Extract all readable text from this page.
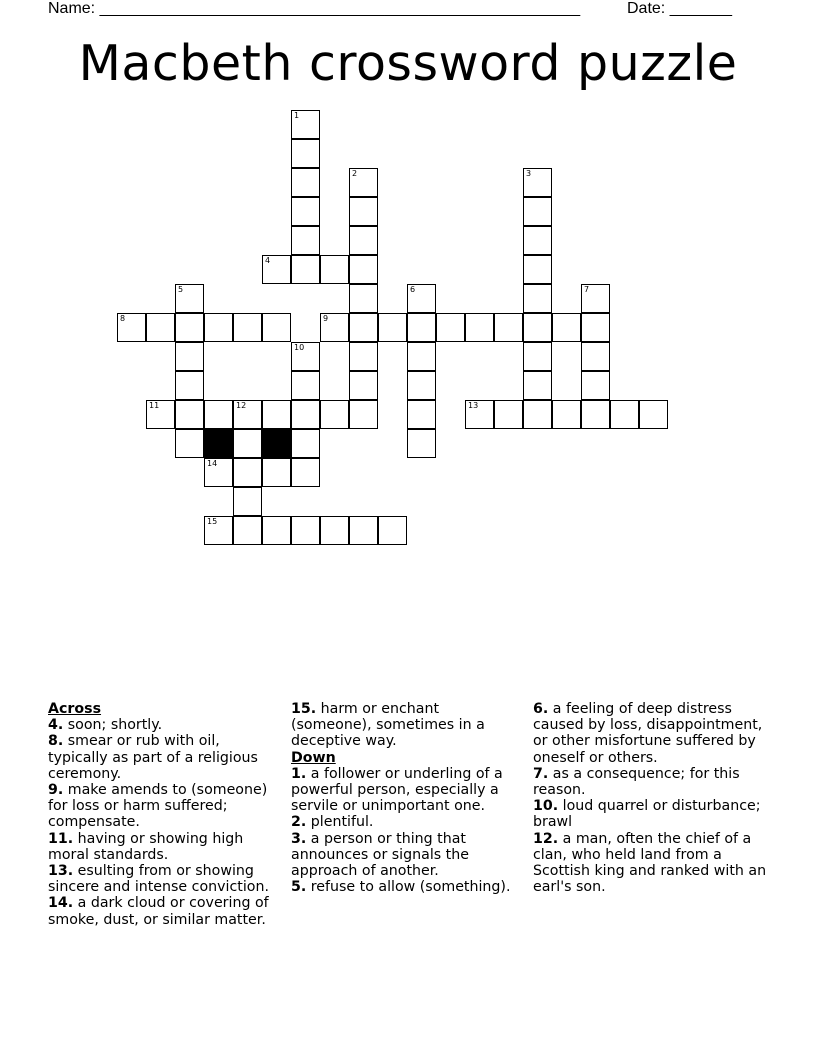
Name: ______________________________________________________	Date: _______
Macbeth crossword puzzle
1
2	3
4
5	6	7
8	9
10
11	12	13
14
15
Across
4. soon; shortly.
8. smear or rub with oil, typically as part of a religious ceremony.
9. make amends to (someone) for loss or harm suffered; compensate.
11. having or showing high moral standards.
13. esulting from or showing sincere and intense conviction.
14. a dark cloud or covering of smoke, dust, or similar matter.
15. harm or enchant (someone), sometimes in a deceptive way.
Down
1. a follower or underling of a powerful person, especially a servile or unimportant one.
2. plentiful.
3. a person or thing that announces or signals the approach of another.
5. refuse to allow (something).
6. a feeling of deep distress caused by loss, disappointment, or other misfortune suffered by oneself or others.
7. as a consequence; for this reason.
10. loud quarrel or disturbance; brawl
12. a man, often the chief of a clan, who held land from a Scottish king and ranked with an earl's son.
